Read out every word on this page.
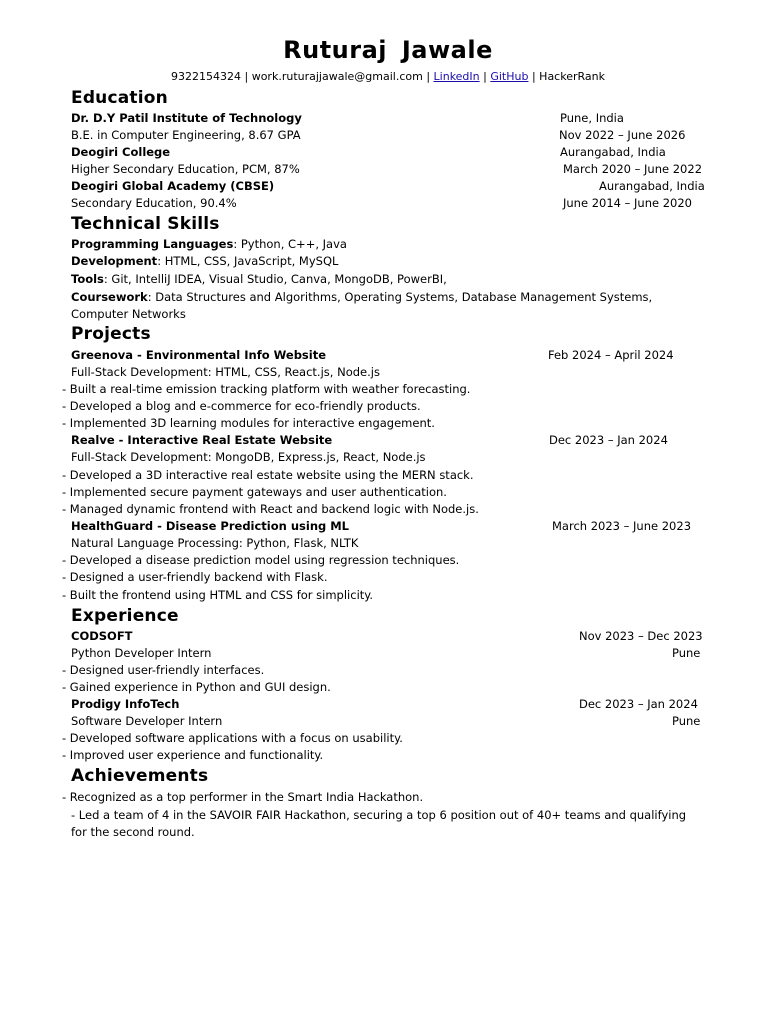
Ruturaj Jawale
9322154324 | work.ruturajjawale@gmail.com | LinkedIn | GitHub | HackerRank
Education
Dr. D.Y Patil Institute of Technology	Pune, India
B.E. in Computer Engineering, 8.67 GPA	Nov 2022 – June 2026
Deogiri College	Aurangabad, India
Higher Secondary Education, PCM, 87%	March 2020 – June 2022
Deogiri Global Academy (CBSE)	Aurangabad, India
Secondary Education, 90.4%	June 2014 – June 2020
Technical Skills
Programming Languages: Python, C++, Java
Development: HTML, CSS, JavaScript, MySQL
Tools: Git, IntelliJ IDEA, Visual Studio, Canva, MongoDB, PowerBI,
Coursework: Data Structures and Algorithms, Operating Systems, Database Management Systems, Computer Networks
Projects
Greenova - Environmental Info Website	Feb 2024 – April 2024
Full-Stack Development: HTML, CSS, React.js, Node.js
- Built a real-time emission tracking platform with weather forecasting.
- Developed a blog and e-commerce for eco-friendly products.
- Implemented 3D learning modules for interactive engagement.
Realve - Interactive Real Estate Website	Dec 2023 – Jan 2024
Full-Stack Development: MongoDB, Express.js, React, Node.js
- Developed a 3D interactive real estate website using the MERN stack.
- Implemented secure payment gateways and user authentication.
- Managed dynamic frontend with React and backend logic with Node.js.
HealthGuard - Disease Prediction using ML	March 2023 – June 2023
Natural Language Processing: Python, Flask, NLTK
- Developed a disease prediction model using regression techniques.
- Designed a user-friendly backend with Flask.
- Built the frontend using HTML and CSS for simplicity.
Experience
CODSOFT	Nov 2023 – Dec 2023
Python Developer Intern	Pune
- Designed user-friendly interfaces.
- Gained experience in Python and GUI design.
Prodigy InfoTech	Dec 2023 – Jan 2024
Software Developer Intern	Pune
- Developed software applications with a focus on usability.
- Improved user experience and functionality.
Achievements
- Recognized as a top performer in the Smart India Hackathon.
- Led a team of 4 in the SAVOIR FAIR Hackathon, securing a top 6 position out of 40+ teams and qualifying for the second round.
